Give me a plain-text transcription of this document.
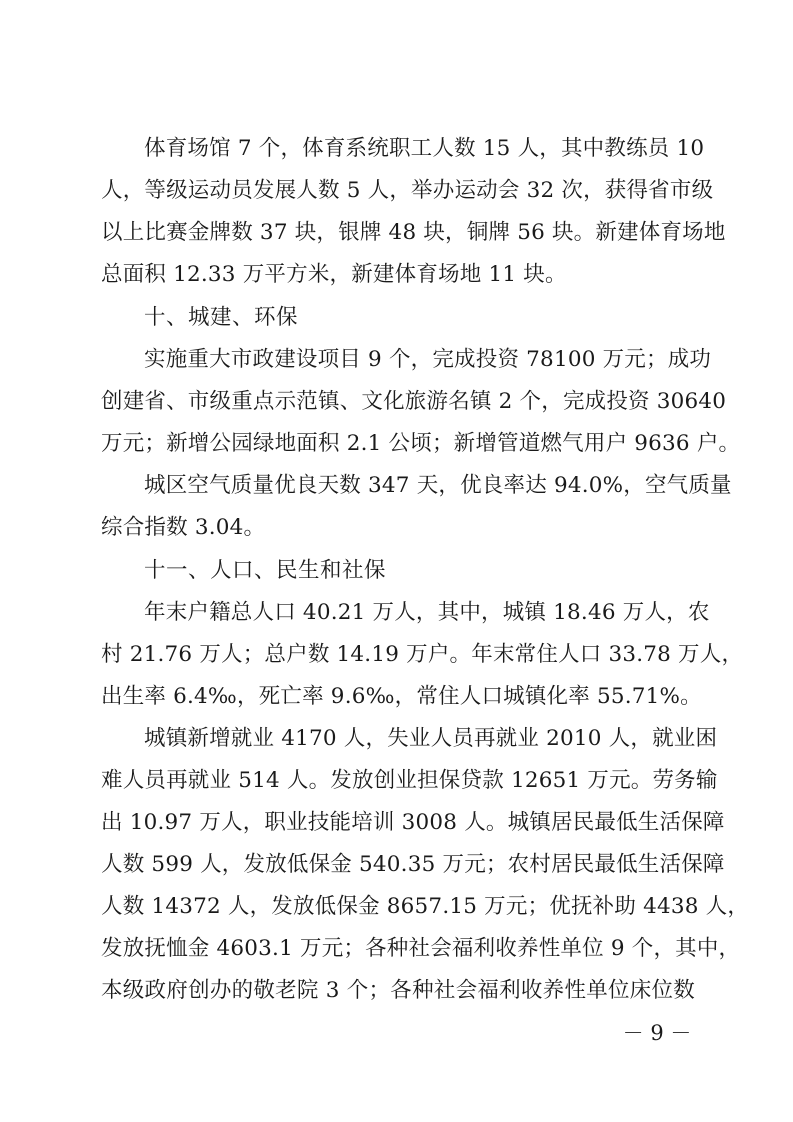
体育场馆 7 个，体育系统职工人数 15 人，其中教练员 10
人，等级运动员发展人数 5 人，举办运动会 32 次，获得省市级
以上比赛金牌数 37 块，银牌 48 块，铜牌 56 块。新建体育场地
总面积 12.33 万平方米，新建体育场地 11 块。
十、城建、环保
实施重大市政建设项目 9 个，完成投资 78100 万元；成功
创建省、市级重点示范镇、文化旅游名镇 2 个，完成投资 30640
万元；新增公园绿地面积 2.1 公顷；新增管道燃气用户 9636 户。
城区空气质量优良天数 347 天，优良率达 94.0%，空气质量
综合指数 3.04。
十一、人口、民生和社保
年末户籍总人口 40.21 万人，其中，城镇 18.46 万人，农
村 21.76 万人；总户数 14.19 万户。年末常住人口 33.78 万人，
出生率 6.4‰，死亡率 9.6‰，常住人口城镇化率 55.71%。
城镇新增就业 4170 人，失业人员再就业 2010 人，就业困
难人员再就业 514 人。发放创业担保贷款 12651 万元。劳务输
出 10.97 万人，职业技能培训 3008 人。城镇居民最低生活保障
人数 599 人，发放低保金 540.35 万元；农村居民最低生活保障
人数 14372 人，发放低保金 8657.15 万元；优抚补助 4438 人，
发放抚恤金 4603.1 万元；各种社会福利收养性单位 9 个，其中，
本级政府创办的敬老院 3 个；各种社会福利收养性单位床位数
－ 9 －
